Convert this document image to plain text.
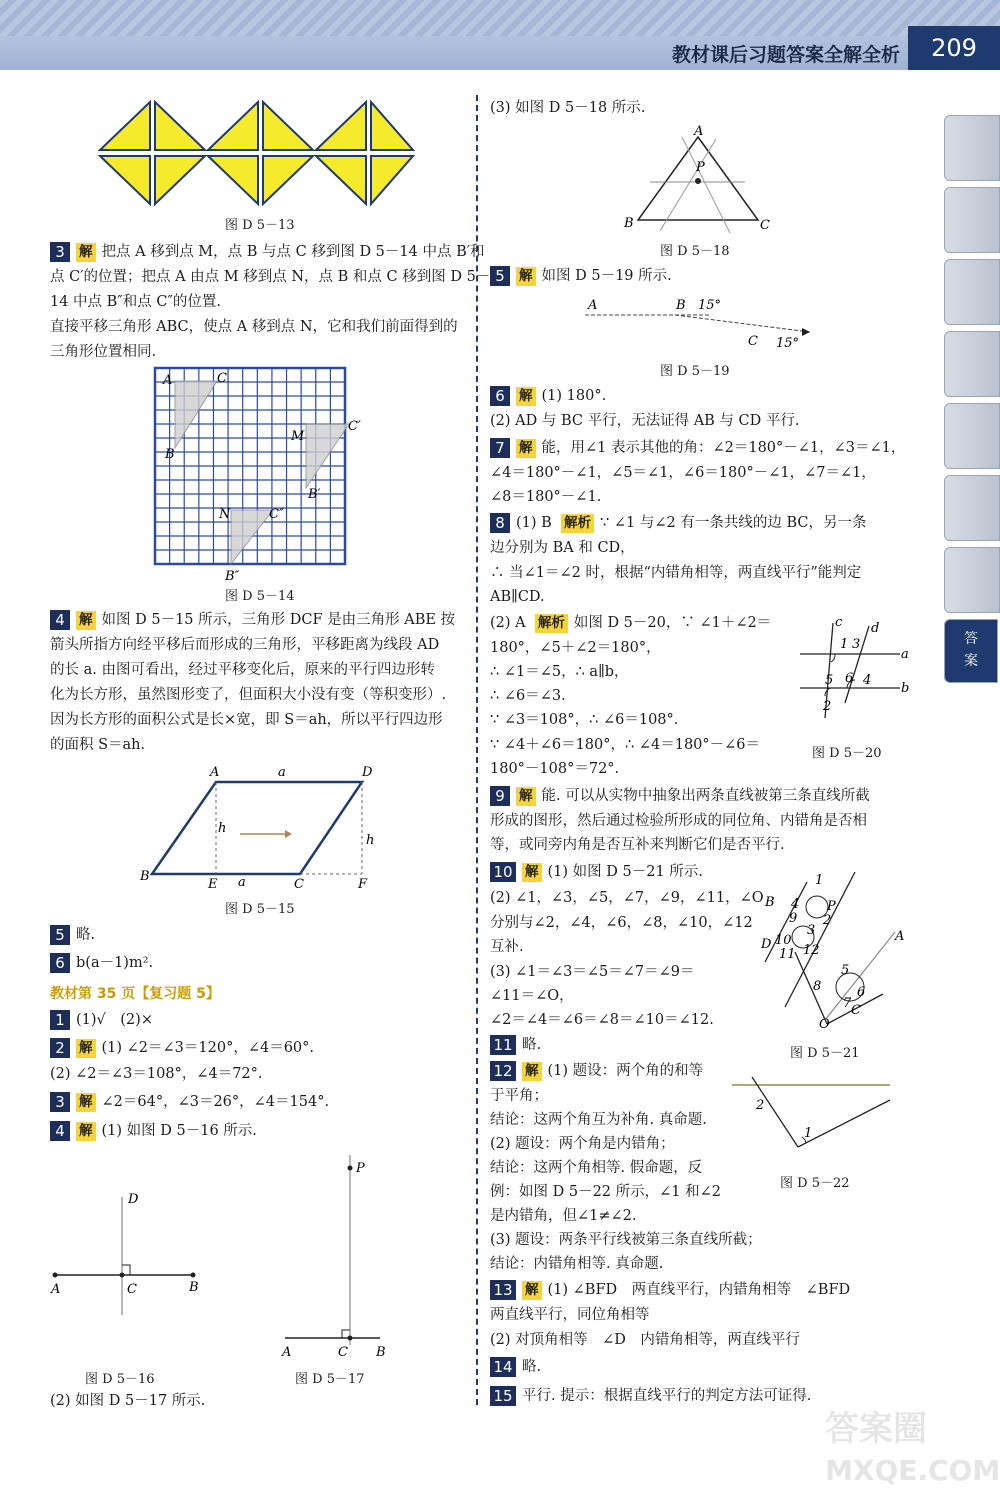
教材课后习题答案全解全析	209
答
案
图 D 5－13
3 解 把点 A 移到点 M，点 B 与点 C 移到图 D 5－14 中点 B′和
点 C′的位置；把点 A 由点 M 移到点 N，点 B 和点 C 移到图 D 5－
14 中点 B″和点 C″的位置.
直接平移三角形 ABC，使点 A 移到点 N，它和我们前面得到的
三角形位置相同.
A	C
B
M
C′
B′
N	C″
B″
图 D 5－14
4 解 如图 D 5－15 所示，三角形 DCF 是由三角形 ABE 按
箭头所指方向经平移后而形成的三角形，平移距离为线段 AD
的长 a. 由图可看出，经过平移变化后，原来的平行四边形转
化为长方形，虽然图形变了，但面积大小没有变（等积变形）.
因为长方形的面积公式是长×宽，即 S＝ah，所以平行四边形
的面积 S＝ah.
A	D
B
E	C	F
a
a
h
h
图 D 5－15
5 略.
6 b(a－1)m².
教材第 35 页【复习题 5】
1 (1)√　(2)×
2 解 (1) ∠2＝∠3＝120°，∠4＝60°.
(2) ∠2＝∠3＝108°，∠4＝72°.
3 解 ∠2＝64°，∠3＝26°，∠4＝154°.
4 解 (1) 如图 D 5－16 所示.
D
A	C	B
图 D 5－16
P
A	C B
图 D 5－17
(2) 如图 D 5－17 所示.
(3) 如图 D 5－18 所示.
A
P
B	C
图 D 5－18
5 解 如图 D 5－19 所示.
A	B 15°
C 15°
图 D 5－19
6 解 (1) 180°.
(2) AD 与 BC 平行，无法证得 AB 与 CD 平行.
7 解 能，用∠1 表示其他的角：∠2＝180°－∠1，∠3＝∠1，
∠4＝180°－∠1，∠5＝∠1，∠6＝180°－∠1，∠7＝∠1，
∠8＝180°－∠1.
8 (1) B 解析 ∵ ∠1 与∠2 有一条共线的边 BC，另一条
边分别为 BA 和 CD，
∴ 当∠1＝∠2 时，根据“内错角相等，两直线平行”能判定
AB∥CD.
(2) A 解析 如图 D 5－20，∵ ∠1＋∠2＝
180°，∠5＋∠2＝180°，
∴ ∠1＝∠5，∴ a∥b，
∴ ∠6＝∠3.
∵ ∠3＝108°，∴ ∠6＝108°.
∵ ∠4＋∠6＝180°，∴ ∠4＝180°－∠6＝
180°－108°＝72°.
c d
a
b
1 3
5 6 4
2
图 D 5－20
9 解 能. 可以从实物中抽象出两条直线被第三条直线所截
形成的图形，然后通过检验所形成的同位角、内错角是否相
等，或同旁内角是否互补来判断它们是否平行.
10 解 (1) 如图 D 5－21 所示.
(2) ∠1，∠3，∠5，∠7，∠9，∠11，∠O
分别与∠2，∠4，∠6，∠8，∠10，∠12
互补.
(3) ∠1＝∠3＝∠5＝∠7＝∠9＝
∠11＝∠O，
∠2＝∠4＝∠6＝∠8＝∠10＝∠12.
B
D
P
A
O
C
1
4
9 2
3
10
11 12
5
8	6
7
图 D 5－21
11 略.
12 解 (1) 题设：两个角的和等
于平角；
结论：这两个角互为补角. 真命题.
(2) 题设：两个角是内错角；
结论：这两个角相等. 假命题，反
例：如图 D 5－22 所示，∠1 和∠2
是内错角，但∠1≠∠2.
(3) 题设：两条平行线被第三条直线所截；
结论：内错角相等. 真命题.
2
1
图 D 5－22
13 解 (1) ∠BFD　两直线平行，内错角相等　∠BFD
两直线平行，同位角相等
(2) 对顶角相等　∠D　内错角相等，两直线平行
14 略.
15 平行. 提示：根据直线平行的判定方法可证得.
答案圈
MXQE.COM
